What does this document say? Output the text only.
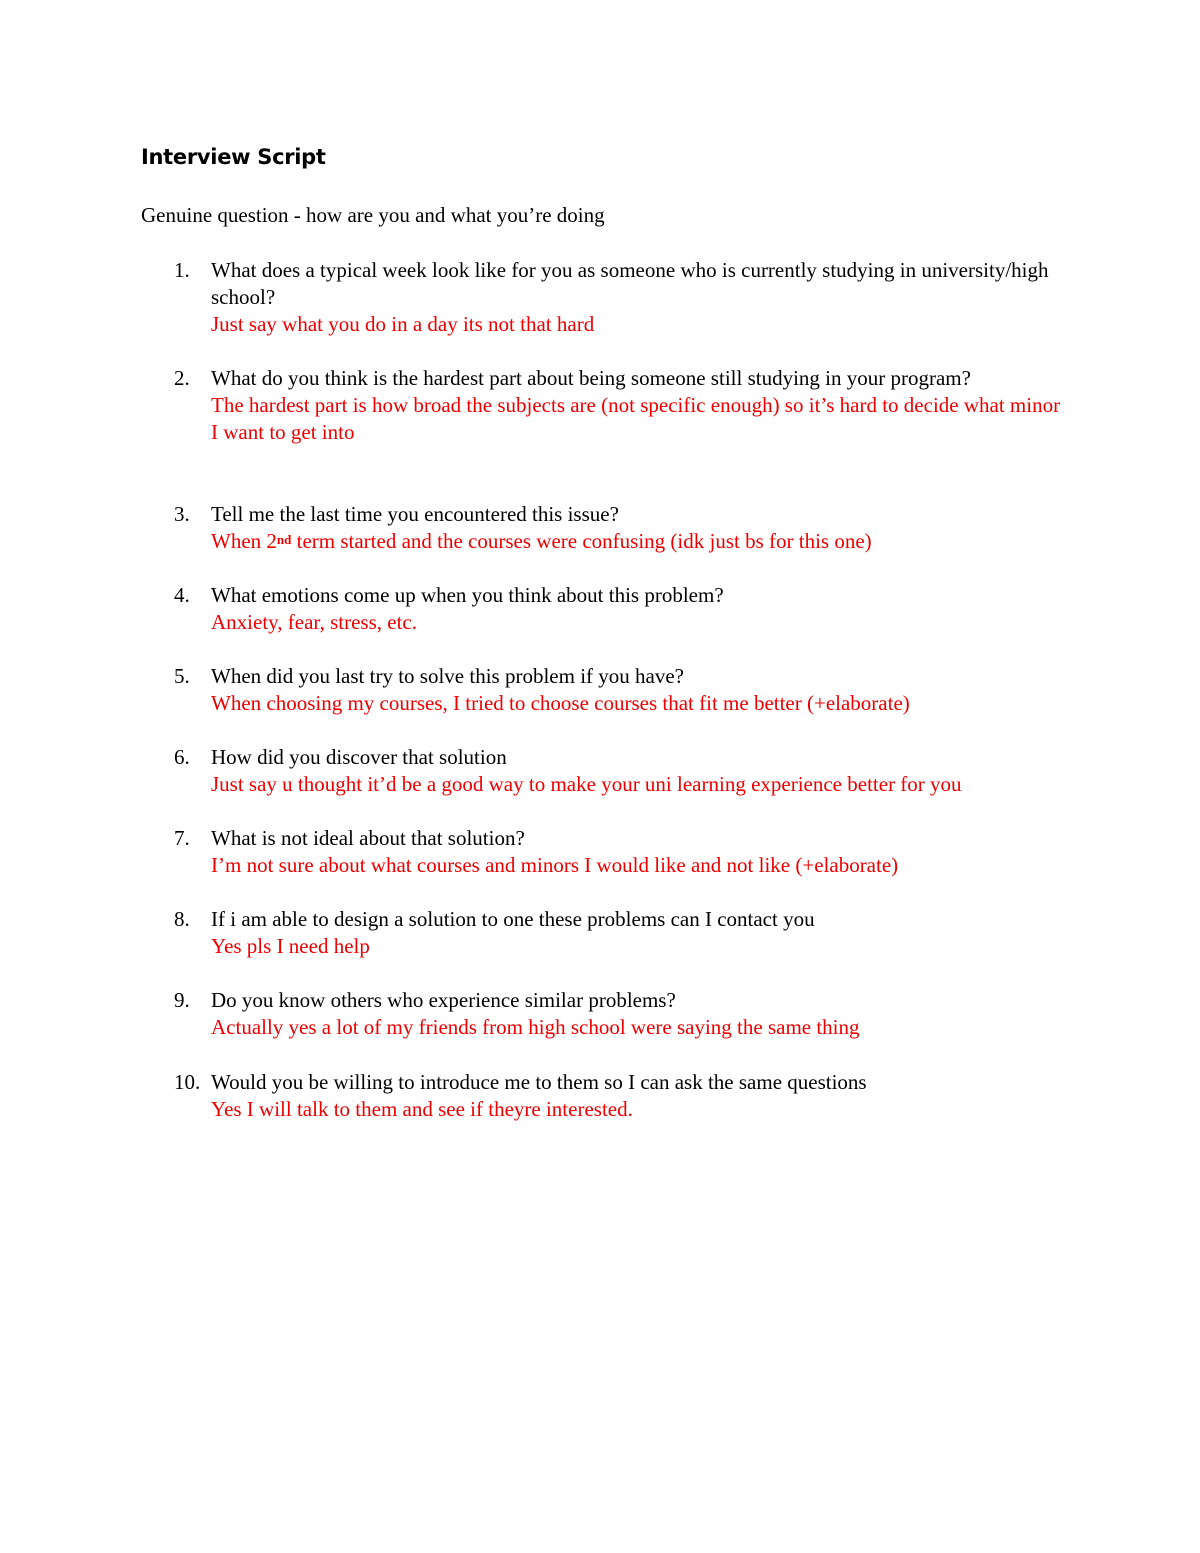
Interview Script

Genuine question - how are you and what you’re doing

1. What does a typical week look like for you as someone who is currently studying in university/high school?
Just say what you do in a day its not that hard
2. What do you think is the hardest part about being someone still studying in your program?
The hardest part is how broad the subjects are (not specific enough) so it’s hard to decide what minor I want to get into
3. Tell me the last time you encountered this issue?
When 2nd term started and the courses were confusing (idk just bs for this one)
4. What emotions come up when you think about this problem?
Anxiety, fear, stress, etc.
5. When did you last try to solve this problem if you have?
When choosing my courses, I tried to choose courses that fit me better (+elaborate)
6. How did you discover that solution
Just say u thought it’d be a good way to make your uni learning experience better for you
7. What is not ideal about that solution?
I’m not sure about what courses and minors I would like and not like (+elaborate)
8. If i am able to design a solution to one these problems can I contact you
Yes pls I need help
9. Do you know others who experience similar problems?
Actually yes a lot of my friends from high school were saying the same thing
10. Would you be willing to introduce me to them so I can ask the same questions
Yes I will talk to them and see if theyre interested.
